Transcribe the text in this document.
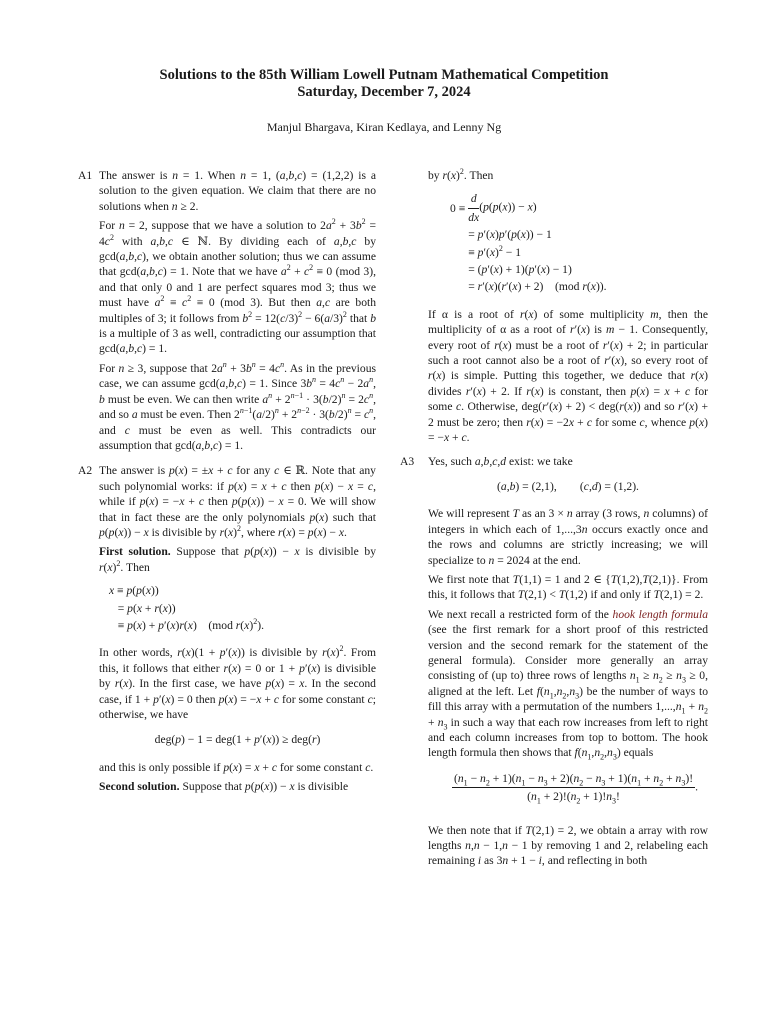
Solutions to the 85th William Lowell Putnam Mathematical Competition
Saturday, December 7, 2024
Manjul Bhargava, Kiran Kedlaya, and Lenny Ng
A1 The answer is n = 1. When n = 1, (a,b,c) = (1,2,2) is a solution to the given equation. We claim that there are no solutions when n ≥ 2.

For n = 2, suppose that we have a solution to $2a^2 + 3b^2 = 4c^2$ with a,b,c ∈ ℕ. By dividing each of a,b,c by gcd(a,b,c), we obtain another solution; thus we can assume that gcd(a,b,c) = 1. Note that we have $a^2 + c^2 \equiv 0$ (mod 3), and that only 0 and 1 are perfect squares mod 3; thus we must have $a^2 \equiv c^2 \equiv 0$ (mod 3). But then a,c are both multiples of 3; it follows from $b^2 = 12(c/3)^2 - 6(a/3)^2$ that b is a multiple of 3 as well, contradicting our assumption that gcd(a,b,c) = 1.

For n ≥ 3, suppose that $2a^n + 3b^n = 4c^n$. As in the previous case, we can assume gcd(a,b,c) = 1. Since $3b^n = 4c^n - 2a^n$, b must be even. We can then write $a^n + 2^{n-1} \cdot 3(b/2)^n = 2c^n$, and so a must be even. Then $2^{n-1}(a/2)^n + 2^{n-2} \cdot 3(b/2)^n = c^n$, and c must be even as well. This contradicts our assumption that gcd(a,b,c) = 1.

A2 The answer is p(x) = ±x + c for any c ∈ ℝ. Note that any such polynomial works: if p(x) = x + c then p(x) − x = c, while if p(x) = −x + c then p(p(x)) − x = 0. We will show that in fact these are the only polynomials p(x) such that p(p(x)) − x is divisible by $r(x)^2$, where r(x) = p(x) − x.

First solution. Suppose that p(p(x)) − x is divisible by $r(x)^2$. Then

x ≡ p(p(x))
= p(x + r(x))
≡ p(x) + p′(x)r(x)    (mod $r(x)^2$).

In other words, r(x)(1 + p′(x)) is divisible by $r(x)^2$. From this, it follows that either r(x) = 0 or 1 + p′(x) is divisible by r(x). In the first case, we have p(x) = x. In the second case, if 1 + p′(x) = 0 then p(x) = −x + c for some constant c; otherwise, we have

deg(p) − 1 = deg(1 + p′(x)) ≥ deg(r)

and this is only possible if p(x) = x + c for some constant c.

Second solution. Suppose that p(p(x)) − x is divisible

by $r(x)^2$. Then

0 ≡	$\frac{d}{dx} (p(p(x)) - x)$
	= p′(x)p′(p(x)) − 1
	≡ $p'(x)^2 - 1$
	= (p′(x) + 1)(p′(x) − 1)
	= r′(x)(r′(x) + 2)    (mod r(x)).

If α is a root of r(x) of some multiplicity m, then the multiplicity of α as a root of r′(x) is m − 1. Consequently, every root of r(x) must be a root of r′(x) + 2; in particular such a root cannot also be a root of r′(x), so every root of r(x) is simple. Putting this together, we deduce that r(x) divides r′(x) + 2. If r(x) is constant, then p(x) = x + c for some c. Otherwise, deg(r′(x) + 2) < deg(r(x)) and so r′(x) + 2 must be zero; then r(x) = −2x + c for some c, whence p(x) = −x + c.

A3 Yes, such a,b,c,d exist: we take

(a,b) = (2,1),        (c,d) = (1,2).

We will represent T as an 3 × n array (3 rows, n columns) of integers in which each of 1,...,3n occurs exactly once and the rows and columns are strictly increasing; we will specialize to n = 2024 at the end.

We first note that T(1,1) = 1 and 2 ∈ {T(1,2),T(2,1)}. From this, it follows that T(2,1) < T(1,2) if and only if T(2,1) = 2.

We next recall a restricted form of the hook length formula (see the first remark for a short proof of this restricted version and the second remark for the statement of the general formula). Consider more generally an array consisting of (up to) three rows of lengths $n_1 \ge n_2 \ge n_3 \ge 0$, aligned at the left. Let $f(n_1,n_2,n_3)$ be the number of ways to fill this array with a permutation of the numbers $1,...,n_1 + n_2 + n_3$ in such a way that each row increases from left to right and each column increases from top to bottom. The hook length formula then shows that $f(n_1,n_2,n_3)$ equals

$\frac{(n_1 - n_2 + 1)(n_1 - n_3 + 2)(n_2 - n_3 + 1)(n_1 + n_2 + n_3)!}{(n_1 + 2)!(n_2 + 1)!n_3!}$ .

We then note that if T(2,1) = 2, we obtain a array with row lengths n,n − 1,n − 1 by removing 1 and 2, relabeling each remaining i as 3n + 1 − i, and reflecting in both
